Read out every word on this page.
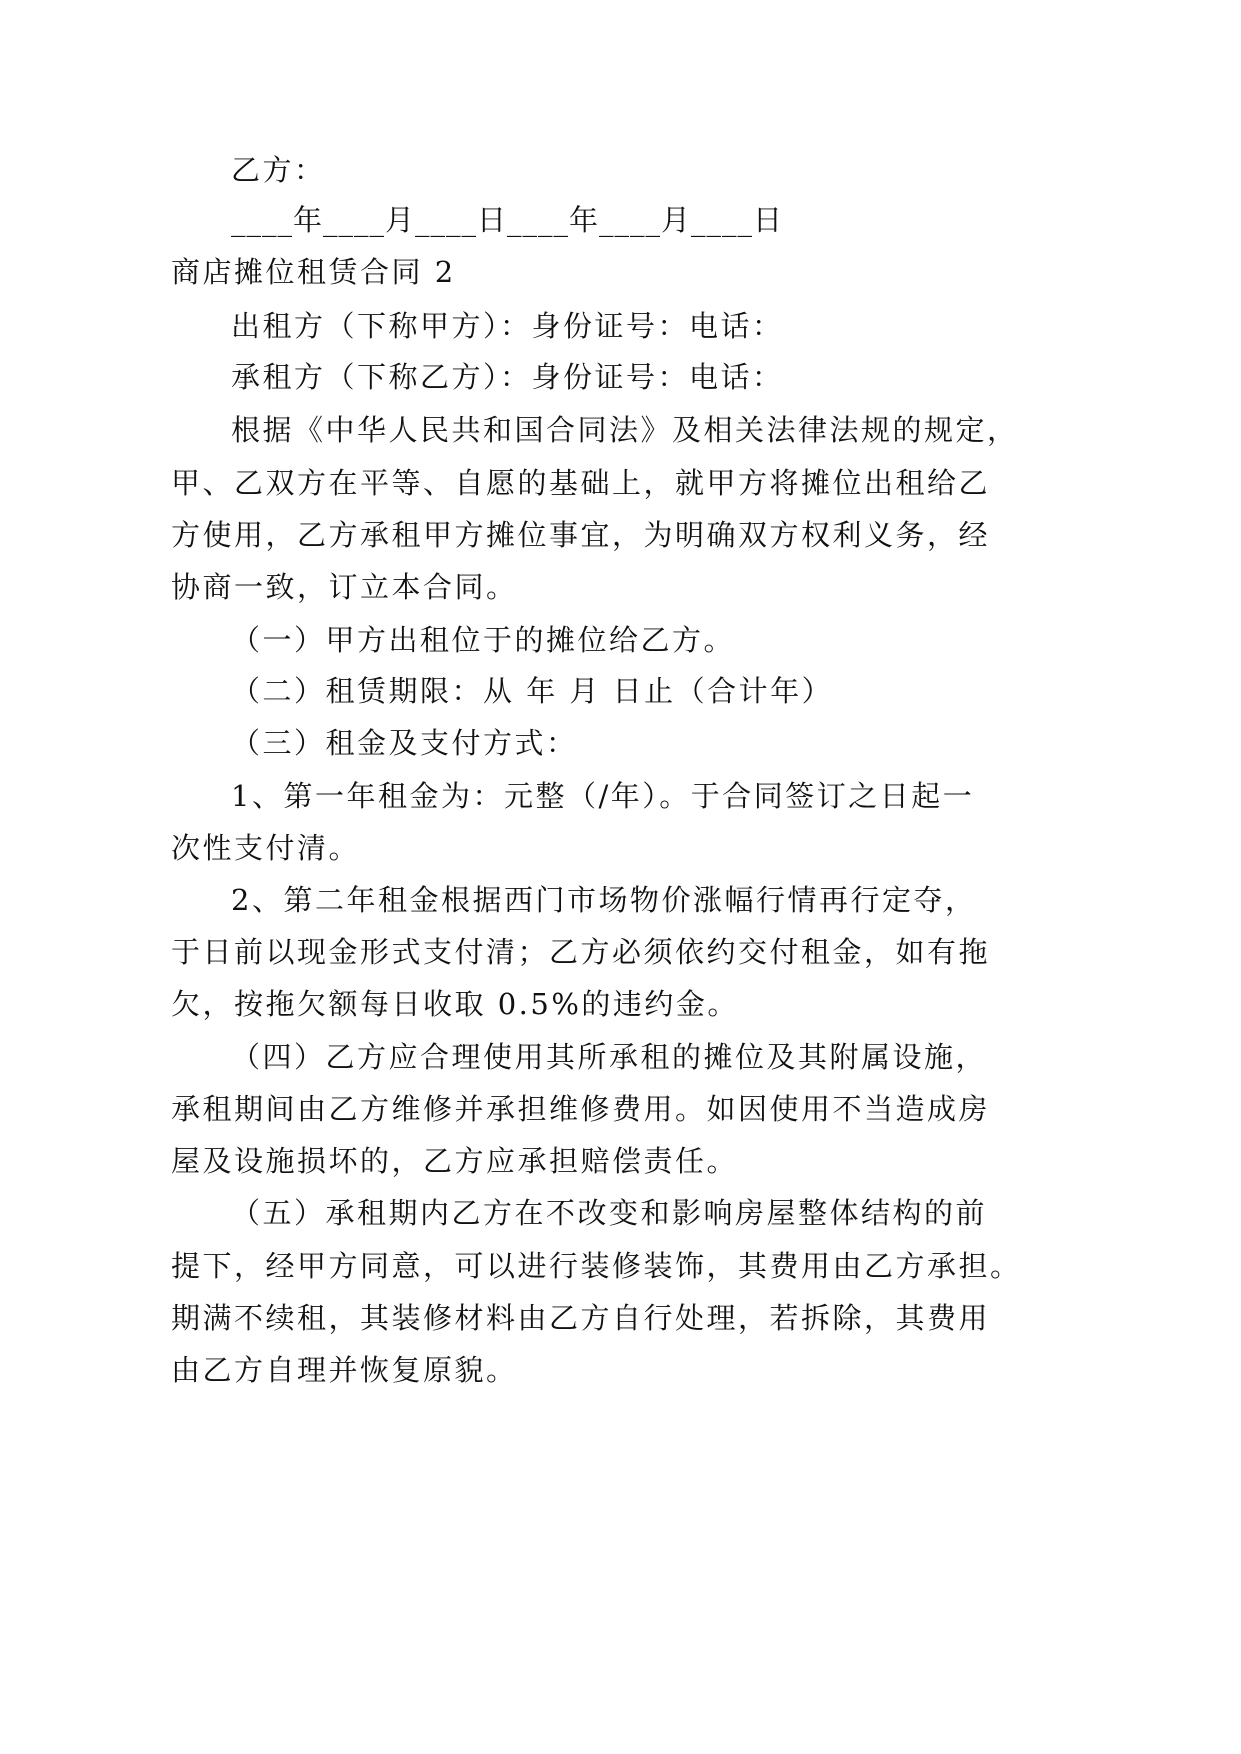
乙方：
____年____月____日____年____月____日
商店摊位租赁合同 2
出租方（下称甲方）：身份证号：电话：
承租方（下称乙方）：身份证号：电话：
根据《中华人民共和国合同法》及相关法律法规的规定，
甲、乙双方在平等、自愿的基础上，就甲方将摊位出租给乙
方使用，乙方承租甲方摊位事宜，为明确双方权利义务，经
协商一致，订立本合同。
（一）甲方出租位于的摊位给乙方。
（二）租赁期限：从 年 月 日止（合计年）
（三）租金及支付方式：
1、第一年租金为：元整（/年）。于合同签订之日起一
次性支付清。
2、第二年租金根据西门市场物价涨幅行情再行定夺，
于日前以现金形式支付清；乙方必须依约交付租金，如有拖
欠，按拖欠额每日收取 0.5%的违约金。
（四）乙方应合理使用其所承租的摊位及其附属设施，
承租期间由乙方维修并承担维修费用。如因使用不当造成房
屋及设施损坏的，乙方应承担赔偿责任。
（五）承租期内乙方在不改变和影响房屋整体结构的前
提下，经甲方同意，可以进行装修装饰，其费用由乙方承担。
期满不续租，其装修材料由乙方自行处理，若拆除，其费用
由乙方自理并恢复原貌。
